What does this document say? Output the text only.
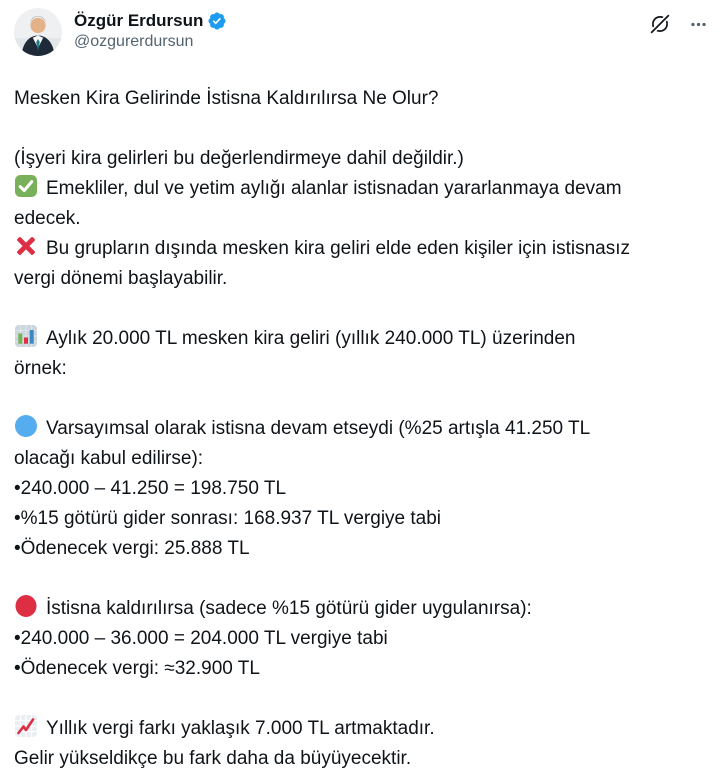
Özgür Erdursun
@ozgurerdursun

Mesken Kira Gelirinde İstisna Kaldırılırsa Ne Olur?

(İşyeri kira gelirleri bu değerlendirmeye dahil değildir.)

Emekliler, dul ve yetim aylığı alanlar istisnadan yararlanmaya devam

edecek.

Bu grupların dışında mesken kira geliri elde eden kişiler için istisnasız

vergi dönemi başlayabilir.

Aylık 20.000 TL mesken kira geliri (yıllık 240.000 TL) üzerinden

örnek:

Varsayımsal olarak istisna devam etseydi (%25 artışla 41.250 TL

olacağı kabul edilirse):

•240.000 – 41.250 = 198.750 TL

•%15 götürü gider sonrası: 168.937 TL vergiye tabi

•Ödenecek vergi: 25.888 TL

İstisna kaldırılırsa (sadece %15 götürü gider uygulanırsa):

•240.000 – 36.000 = 204.000 TL vergiye tabi

•Ödenecek vergi: ≈32.900 TL

Yıllık vergi farkı yaklaşık 7.000 TL artmaktadır.

Gelir yükseldikçe bu fark daha da büyüyecektir.
